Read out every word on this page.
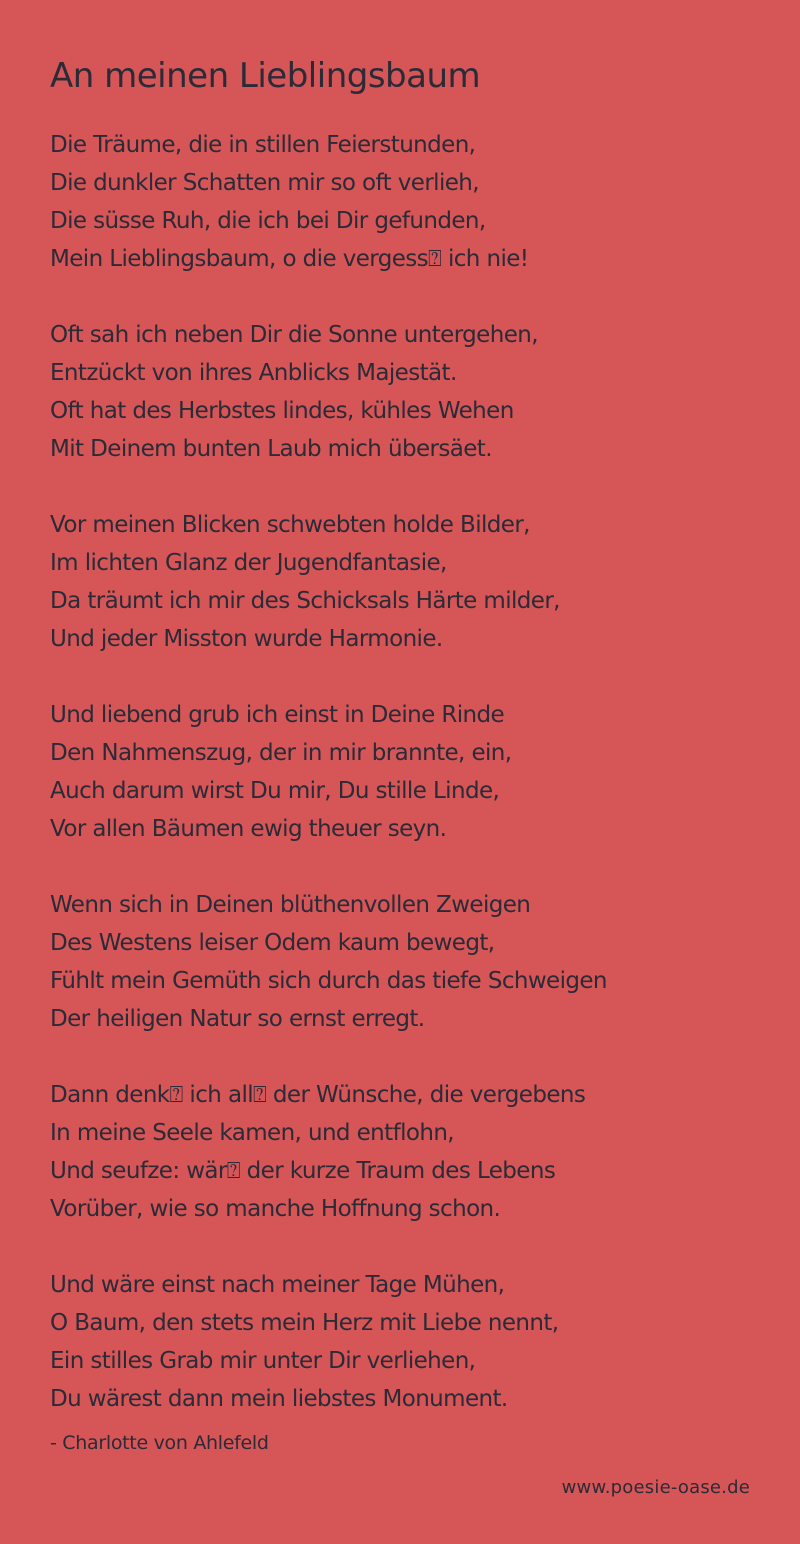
An meinen Lieblingsbaum
Die Träume, die in stillen Feierstunden,
Die dunkler Schatten mir so oft verlieh,
Die süsse Ruh, die ich bei Dir gefunden,
Mein Lieblingsbaum, o die vergess⍰ ich nie!
Oft sah ich neben Dir die Sonne untergehen,
Entzückt von ihres Anblicks Majestät.
Oft hat des Herbstes lindes, kühles Wehen
Mit Deinem bunten Laub mich übersäet.
Vor meinen Blicken schwebten holde Bilder,
Im lichten Glanz der Jugendfantasie,
Da träumt ich mir des Schicksals Härte milder,
Und jeder Misston wurde Harmonie.
Und liebend grub ich einst in Deine Rinde
Den Nahmenszug, der in mir brannte, ein,
Auch darum wirst Du mir, Du stille Linde,
Vor allen Bäumen ewig theuer seyn.
Wenn sich in Deinen blüthenvollen Zweigen
Des Westens leiser Odem kaum bewegt,
Fühlt mein Gemüth sich durch das tiefe Schweigen
Der heiligen Natur so ernst erregt.
Dann denk⍰ ich all⍰ der Wünsche, die vergebens
In meine Seele kamen, und entflohn,
Und seufze: wär⍰ der kurze Traum des Lebens
Vorüber, wie so manche Hoffnung schon.
Und wäre einst nach meiner Tage Mühen,
O Baum, den stets mein Herz mit Liebe nennt,
Ein stilles Grab mir unter Dir verliehen,
Du wärest dann mein liebstes Monument.
- Charlotte von Ahlefeld
www.poesie-oase.de
